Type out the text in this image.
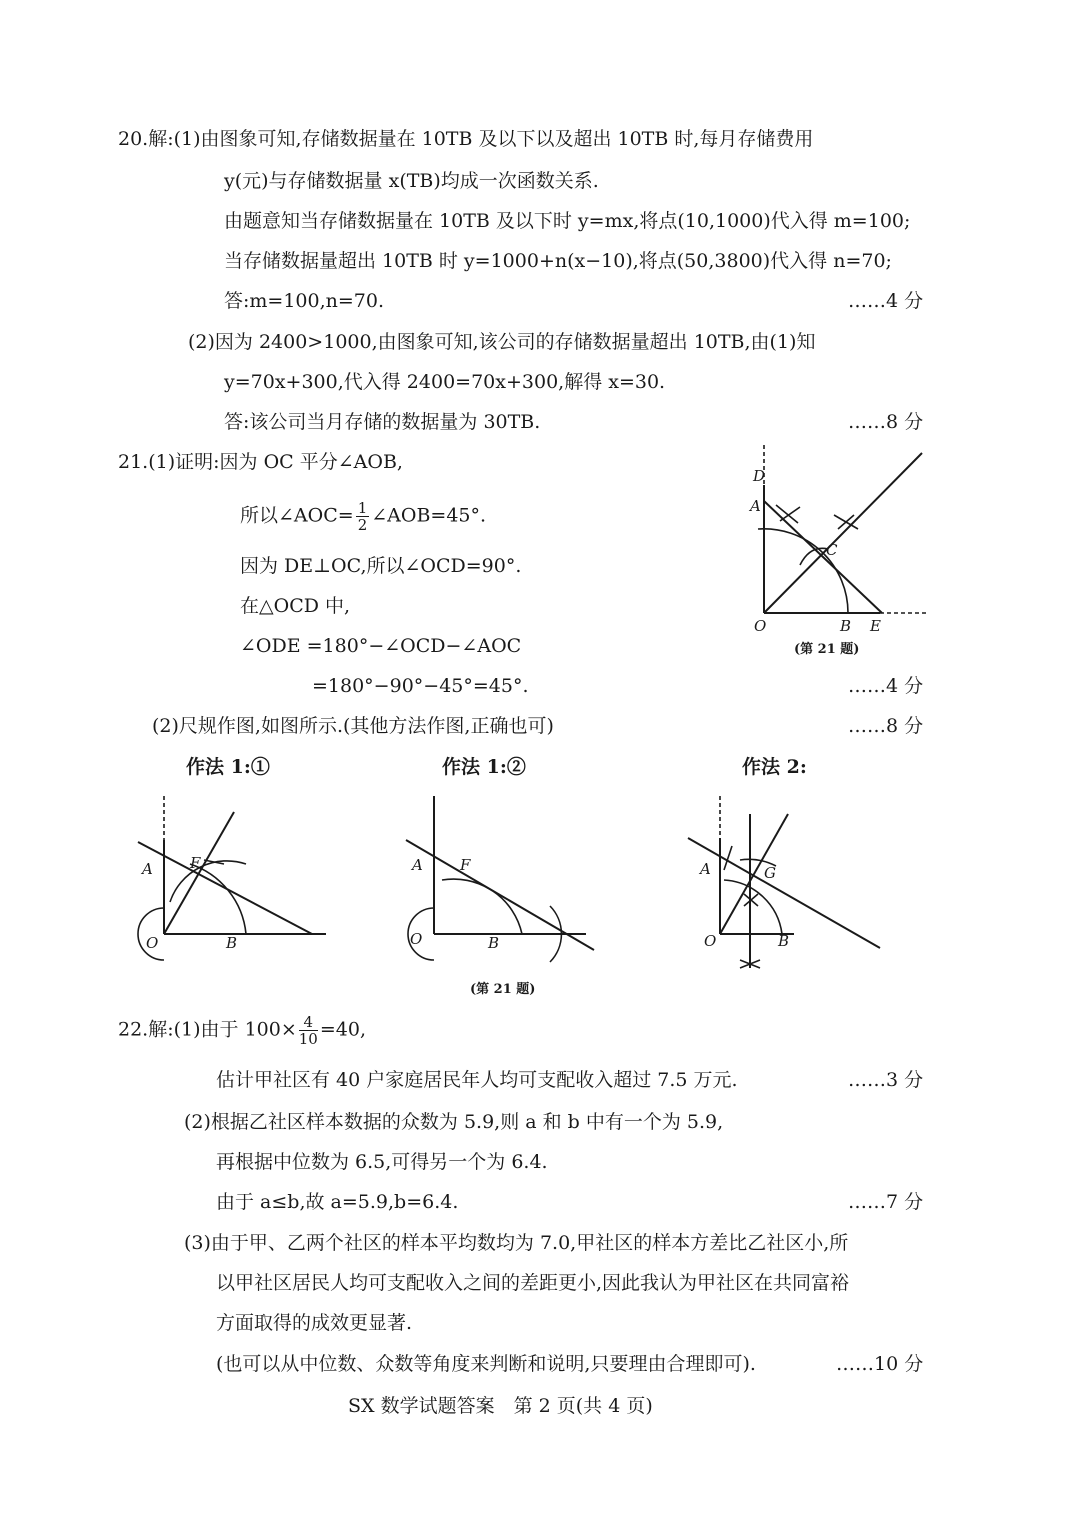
20.解:(1)由图象可知,存储数据量在 10TB 及以下以及超出 10TB 时,每月存储费用
y(元)与存储数据量 x(TB)均成一次函数关系.
由题意知当存储数据量在 10TB 及以下时 y=mx,将点(10,1000)代入得 m=100;
当存储数据量超出 10TB 时 y=1000+n(x−10),将点(50,3800)代入得 n=70;
答:m=100,n=70.	……4 分
(2)因为 2400>1000,由图象可知,该公司的存储数据量超出 10TB,由(1)知
y=70x+300,代入得 2400=70x+300,解得 x=30.
答:该公司当月存储的数据量为 30TB.	……8 分
21.(1)证明:因为 OC 平分∠AOB,
所以∠AOC= $\frac{1}{2}$ ∠AOB=45°.
因为 DE⊥OC,所以∠OCD=90°.
在△OCD 中,
∠ODE =180°−∠OCD−∠AOC
=180°−90°−45°=45°.	……4 分
(2)尺规作图,如图所示.(其他方法作图,正确也可)	……8 分
A
D
C
O	B E
(第 21 题)
作法 1:①	作法 1:②	作法 2:
A F
O	B
A F
O	B
A	G
O	B
(第 21 题)
22.解:(1)由于 $100\times \frac{4}{10} =40$,
估计甲社区有 40 户家庭居民年人均可支配收入超过 7.5 万元.	……3 分
(2)根据乙社区样本数据的众数为 5.9,则 a 和 b 中有一个为 5.9,
再根据中位数为 6.5,可得另一个为 6.4.
由于 a≤b,故 a=5.9,b=6.4.	……7 分
(3)由于甲、乙两个社区的样本平均数均为 7.0,甲社区的样本方差比乙社区小,所
以甲社区居民人均可支配收入之间的差距更小,因此我认为甲社区在共同富裕
方面取得的成效更显著.
(也可以从中位数、众数等角度来判断和说明,只要理由合理即可).	……10 分
SX 数学试题答案　第 2 页(共 4 页)
